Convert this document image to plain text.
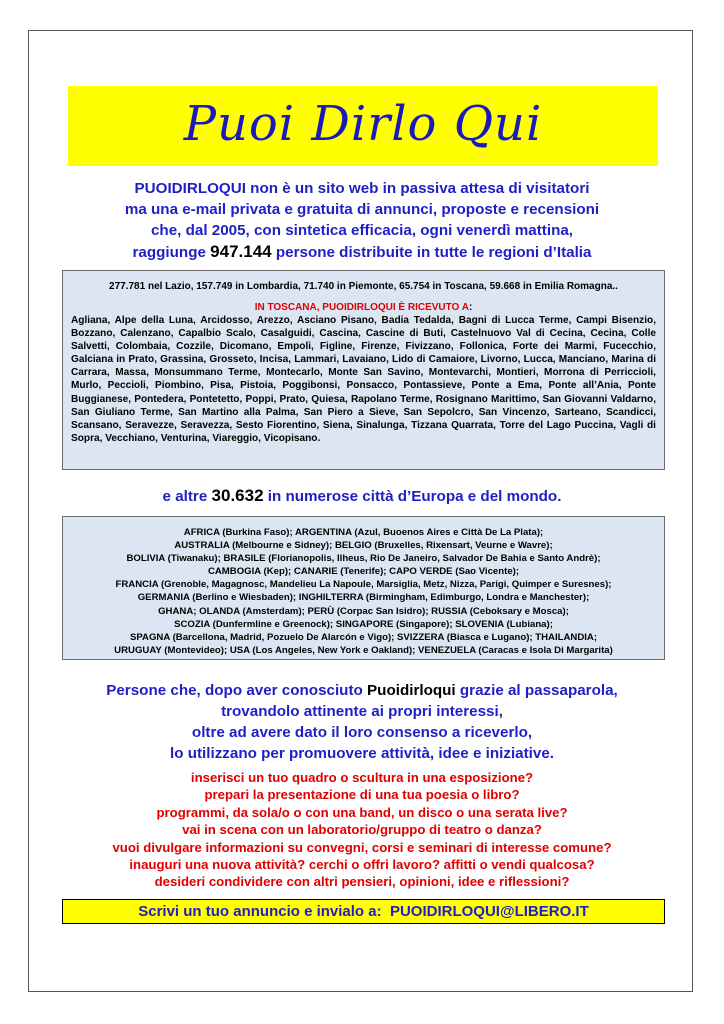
Puoi Dirlo Qui
PUOIDIRLOQUI non è un sito web in passiva attesa di visitatori
ma una e-mail privata e gratuita di annunci, proposte e recensioni
che, dal 2005, con sintetica efficacia, ogni venerdì mattina,
raggiunge 947.144 persone distribuite in tutte le regioni d’Italia
277.781 nel Lazio, 157.749 in Lombardia, 71.740 in Piemonte, 65.754 in Toscana, 59.668 in Emilia Romagna..
IN TOSCANA, PUOIDIRLOQUI È RICEVUTO A:
Agliana, Alpe della Luna, Arcidosso, Arezzo, Asciano Pisano, Badia Tedalda, Bagni di Lucca Terme, Campi Bisenzio, Bozzano, Calenzano, Capalbio Scalo, Casalguidi, Cascina, Cascine di Buti, Castelnuovo Val di Cecina, Cecina, Colle Salvetti, Colombaia, Cozzile, Dicomano, Empoli, Figline, Firenze, Fivizzano, Follonica, Forte dei Marmi, Fucecchio, Galciana in Prato, Grassina, Grosseto, Incisa, Lammari, Lavaiano, Lido di Camaiore, Livorno, Lucca, Manciano, Marina di Carrara, Massa, Monsummano Terme, Montecarlo, Monte San Savino, Montevarchi, Montieri, Morrona di Perriccioli, Murlo, Peccioli, Piombino, Pisa, Pistoia, Poggibonsi, Ponsacco, Pontassieve, Ponte a Ema, Ponte all’Ania, Ponte Buggianese, Pontedera, Pontetetto, Poppi, Prato, Quiesa, Rapolano Terme, Rosignano Marittimo, San Giovanni Valdarno, San Giuliano Terme, San Martino alla Palma, San Piero a Sieve, San Sepolcro, San Vincenzo, Sarteano, Scandicci, Scansano, Seravezze, Seravezza, Sesto Fiorentino, Siena, Sinalunga, Tizzana Quarrata, Torre del Lago Puccina, Vagli di Sopra, Vecchiano, Venturina, Viareggio, Vicopisano.
e altre 30.632 in numerose città d’Europa e del mondo.
AFRICA (Burkina Faso); ARGENTINA (Azul, Buoenos Aires e Città De La Plata);
AUSTRALIA (Melbourne e Sidney); BELGIO (Bruxelles, Rixensart, Veurne e Wavre);
BOLIVIA (Tiwanaku); BRASILE (Florianopolis, Ilheus, Rio De Janeiro, Salvador De Bahia e Santo Andrè);
CAMBOGIA (Kep); CANARIE (Tenerife); CAPO VERDE (Sao Vicente);
FRANCIA (Grenoble, Magagnosc, Mandelieu La Napoule, Marsiglia, Metz, Nizza, Parigi, Quimper e Suresnes);
GERMANIA (Berlino e Wiesbaden); INGHILTERRA (Birmingham, Edimburgo, Londra e Manchester);
GHANA; OLANDA (Amsterdam); PERÙ (Corpac San Isidro); RUSSIA (Ceboksary e Mosca);
SCOZIA (Dunfermline e Greenock); SINGAPORE (Singapore); SLOVENIA (Lubiana);
SPAGNA (Barcellona, Madrid, Pozuelo De Alarcón e Vigo); SVIZZERA (Biasca e Lugano); THAILANDIA;
URUGUAY (Montevideo); USA (Los Angeles, New York e Oakland); VENEZUELA (Caracas e Isola Di Margarita)
Persone che, dopo aver conosciuto Puoidirloqui grazie al passaparola,
trovandolo attinente ai propri interessi,
oltre ad avere dato il loro consenso a riceverlo,
lo utilizzano per promuovere attività, idee e iniziative.
inserisci un tuo quadro o scultura in una esposizione?
prepari la presentazione di una tua poesia o libro?
programmi, da sola/o o con una band, un disco o una serata live?
vai in scena con un laboratorio/gruppo di teatro o danza?
vuoi divulgare informazioni su convegni, corsi e seminari di interesse comune?
inauguri una nuova attività? cerchi o offri lavoro? affitti o vendi qualcosa?
desideri condividere con altri pensieri, opinioni, idee e riflessioni?
Scrivi un tuo annuncio e invialo a: PUOIDIRLOQUI@LIBERO.IT
